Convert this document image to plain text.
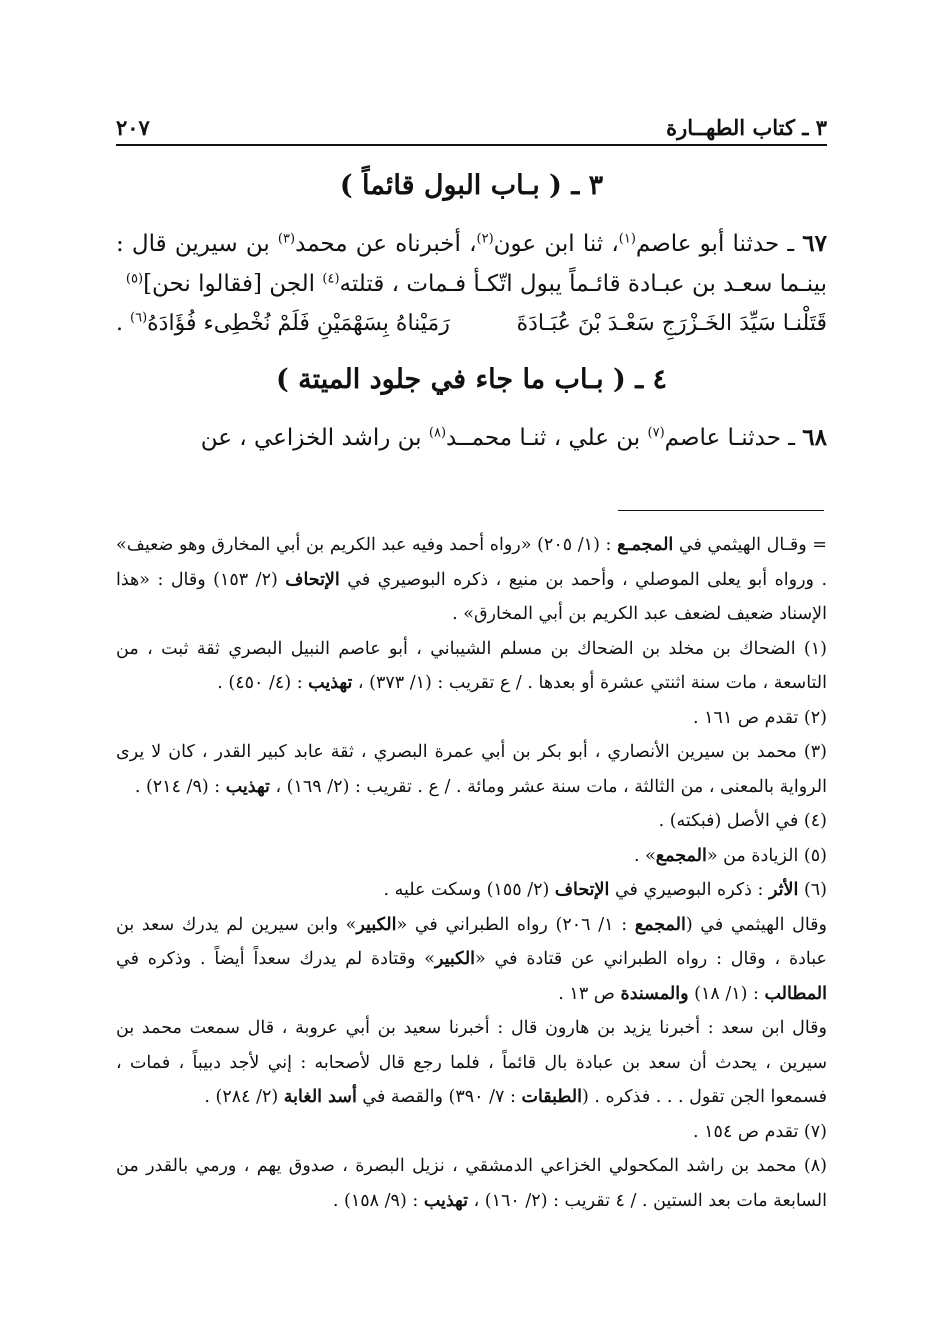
٣ ـ كتاب الطهــارة
٢٠٧
٣ ـ ( بـاب البول قائماً )

٦٧ ـ حدثنا أبو عاصم$^{(١)}$، ثنا ابن عون$^{(٢)}$، أخبرناه عن محمد$^{(٣)}$ بن سيرين قال : بينـما سعـد بن عبـادة قائـماً يبول اتّكـأ فـمات ، قتلته$^{(٤)}$ الجن [فقالوا نحن]$^{(٥)}$

قَتَلْنـا سَيِّدَ الخَـزْرَجِ سَعْـدَ بْنَ عُبَـادَةَ
رَمَيْناهُ بِسَهْمَيْنِ فَلَمْ نُخْطِىء فُؤَادَهُ$^{(٦)}$ .
٤ ـ ( بـاب ما جاء في جلود الميتة )

٦٨ ـ حدثنـا عاصم$^{(٧)}$ بن علي ، ثنـا محمــد$^{(٨)}$ بن راشد الخزاعي ، عن

= وقـال الهيثمي في المجمـع : (١/ ٢٠٥) «رواه أحمد وفيه عبد الكريم بن أبي المخارق وهو ضعيف» . ورواه أبو يعلى الموصلي ، وأحمد بن منيع ، ذكره البوصيري في الإتحاف (٢/ ١٥٣) وقال : «هذا الإسناد ضعيف لضعف عبد الكريم بن أبي المخارق» .

(١) الضحاك بن مخلد بن الضحاك بن مسلم الشيباني ، أبو عاصم النبيل البصري ثقة ثبت ، من التاسعة ، مات سنة اثنتي عشرة أو بعدها . / ع تقريب : (١/ ٣٧٣) ، تهذيب : (٤/ ٤٥٠) .

(٢) تقدم ص ١٦١ .

(٣) محمد بن سيرين الأنصاري ، أبو بكر بن أبي عمرة البصري ، ثقة عابد كبير القدر ، كان لا يرى الرواية بالمعنى ، من الثالثة ، مات سنة عشر ومائة . / ع . تقريب : (٢/ ١٦٩) ، تهذيب : (٩/ ٢١٤) .

(٤) في الأصل (فبكته) .

(٥) الزيادة من «المجمع» .

(٦) الأثر : ذكره البوصيري في الإتحاف (٢/ ١٥٥) وسكت عليه .

وقال الهيثمي في (المجمع : ١/ ٢٠٦) رواه الطبراني في «الكبير» وابن سيرين لم يدرك سعد بن عبادة ، وقال : رواه الطبراني عن قتادة في «الكبير» وقتادة لم يدرك سعداً أيضاً . وذكره في المطالب : (١/ ١٨) والمسندة ص ١٣ .

وقال ابن سعد : أخبرنا يزيد بن هارون قال : أخبرنا سعيد بن أبي عروبة ، قال سمعت محمد بن سيرين ، يحدث أن سعد بن عبادة بال قائماً ، فلما رجع قال لأصحابه : إني لأجد دبيباً ، فمات ، فسمعوا الجن تقول . . . فذكره . (الطبقات : ٧/ ٣٩٠) والقصة في أسد الغابة (٢/ ٢٨٤) .

(٧) تقدم ص ١٥٤ .

(٨) محمد بن راشد المكحولي الخزاعي الدمشقي ، نزيل البصرة ، صدوق يهم ، ورمي بالقدر من السابعة مات بعد الستين . / ٤ تقريب : (٢/ ١٦٠) ، تهذيب : (٩/ ١٥٨) .
